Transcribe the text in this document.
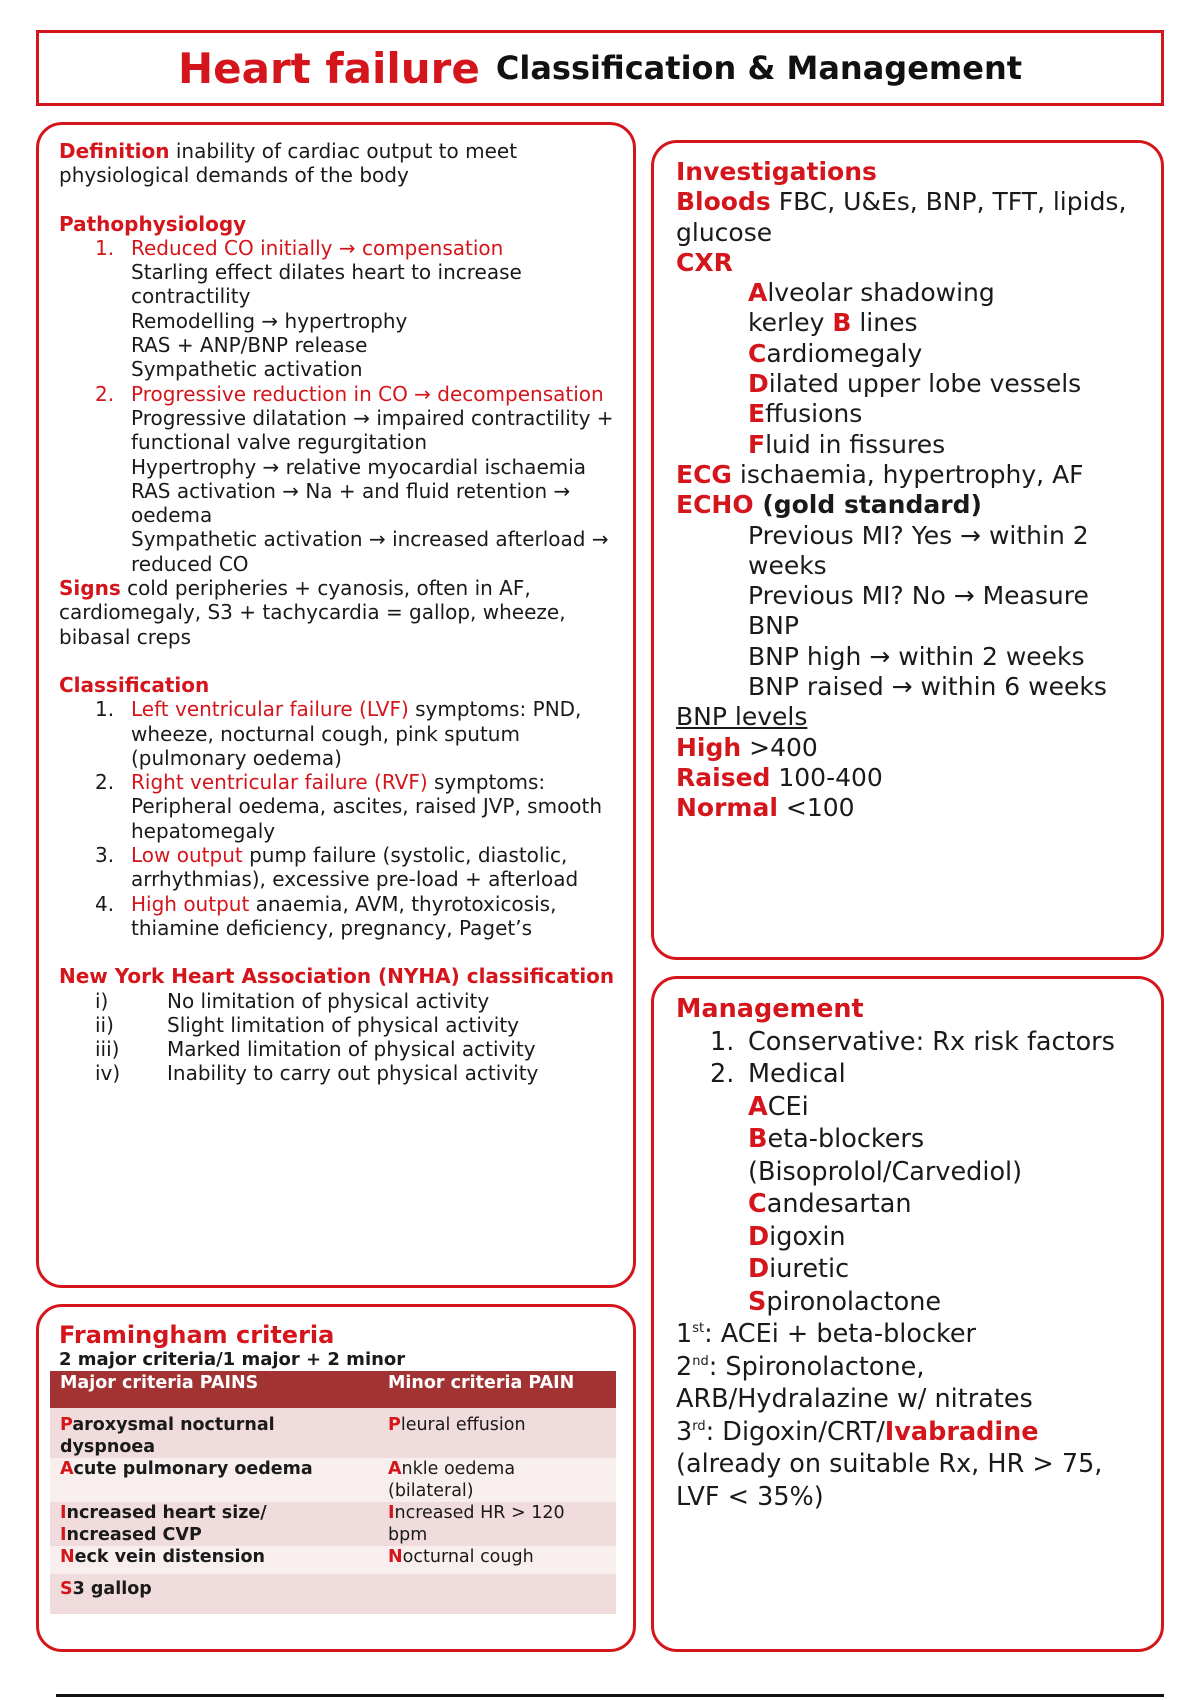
Heart failure Classification & Management
Definition inability of cardiac output to meet physiological demands of the body
Pathophysiology
1. Reduced CO initially → compensation
Starling effect dilates heart to increase contractility
Remodelling → hypertrophy
RAS + ANP/BNP release
Sympathetic activation
2. Progressive reduction in CO → decompensation
Progressive dilatation → impaired contractility + functional valve regurgitation
Hypertrophy → relative myocardial ischaemia
RAS activation → Na + and fluid retention → oedema
Sympathetic activation → increased afterload → reduced CO
Signs cold peripheries + cyanosis, often in AF, cardiomegaly, S3 + tachycardia = gallop, wheeze, bibasal creps
Classification
1. Left ventricular failure (LVF) symptoms: PND, wheeze, nocturnal cough, pink sputum (pulmonary oedema)
2. Right ventricular failure (RVF) symptoms: Peripheral oedema, ascites, raised JVP, smooth hepatomegaly
3. Low output pump failure (systolic, diastolic, arrhythmias), excessive pre-load + afterload
4. High output anaemia, AVM, thyrotoxicosis, thiamine deficiency, pregnancy, Paget’s
New York Heart Association (NYHA) classification
i)	No limitation of physical activity
ii)	Slight limitation of physical activity
iii)	Marked limitation of physical activity
iv)	Inability to carry out physical activity
Framingham criteria
2 major criteria/1 major + 2 minor
Major criteria PAINS	Minor criteria PAIN

Paroxysmal nocturnal dyspnoea	Pleural effusion
Acute pulmonary oedema	Ankle oedema (bilateral)

Increased heart size/
Increased CVP	Increased HR > 120 bpm
Neck vein distension	Nocturnal cough

S3 gallop	
Investigations
Bloods FBC, U&Es, BNP, TFT, lipids, glucose
CXR
Alveolar shadowing
kerley B lines
Cardiomegaly
Dilated upper lobe vessels
Effusions
Fluid in fissures
ECG ischaemia, hypertrophy, AF
ECHO (gold standard)
Previous MI? Yes → within 2 weeks
Previous MI? No → Measure BNP
BNP high → within 2 weeks
BNP raised → within 6 weeks
BNP levels
High >400
Raised 100-400
Normal <100
Management
1. Conservative: Rx risk factors
2. Medical
ACEi
Beta-blockers (Bisoprolol/Carvediol)
Candesartan
Digoxin
Diuretic
Spironolactone
1st: ACEi + beta-blocker
2nd: Spironolactone, ARB/Hydralazine w/ nitrates
3rd: Digoxin/CRT/Ivabradine
(already on suitable Rx, HR > 75, LVF < 35%)
